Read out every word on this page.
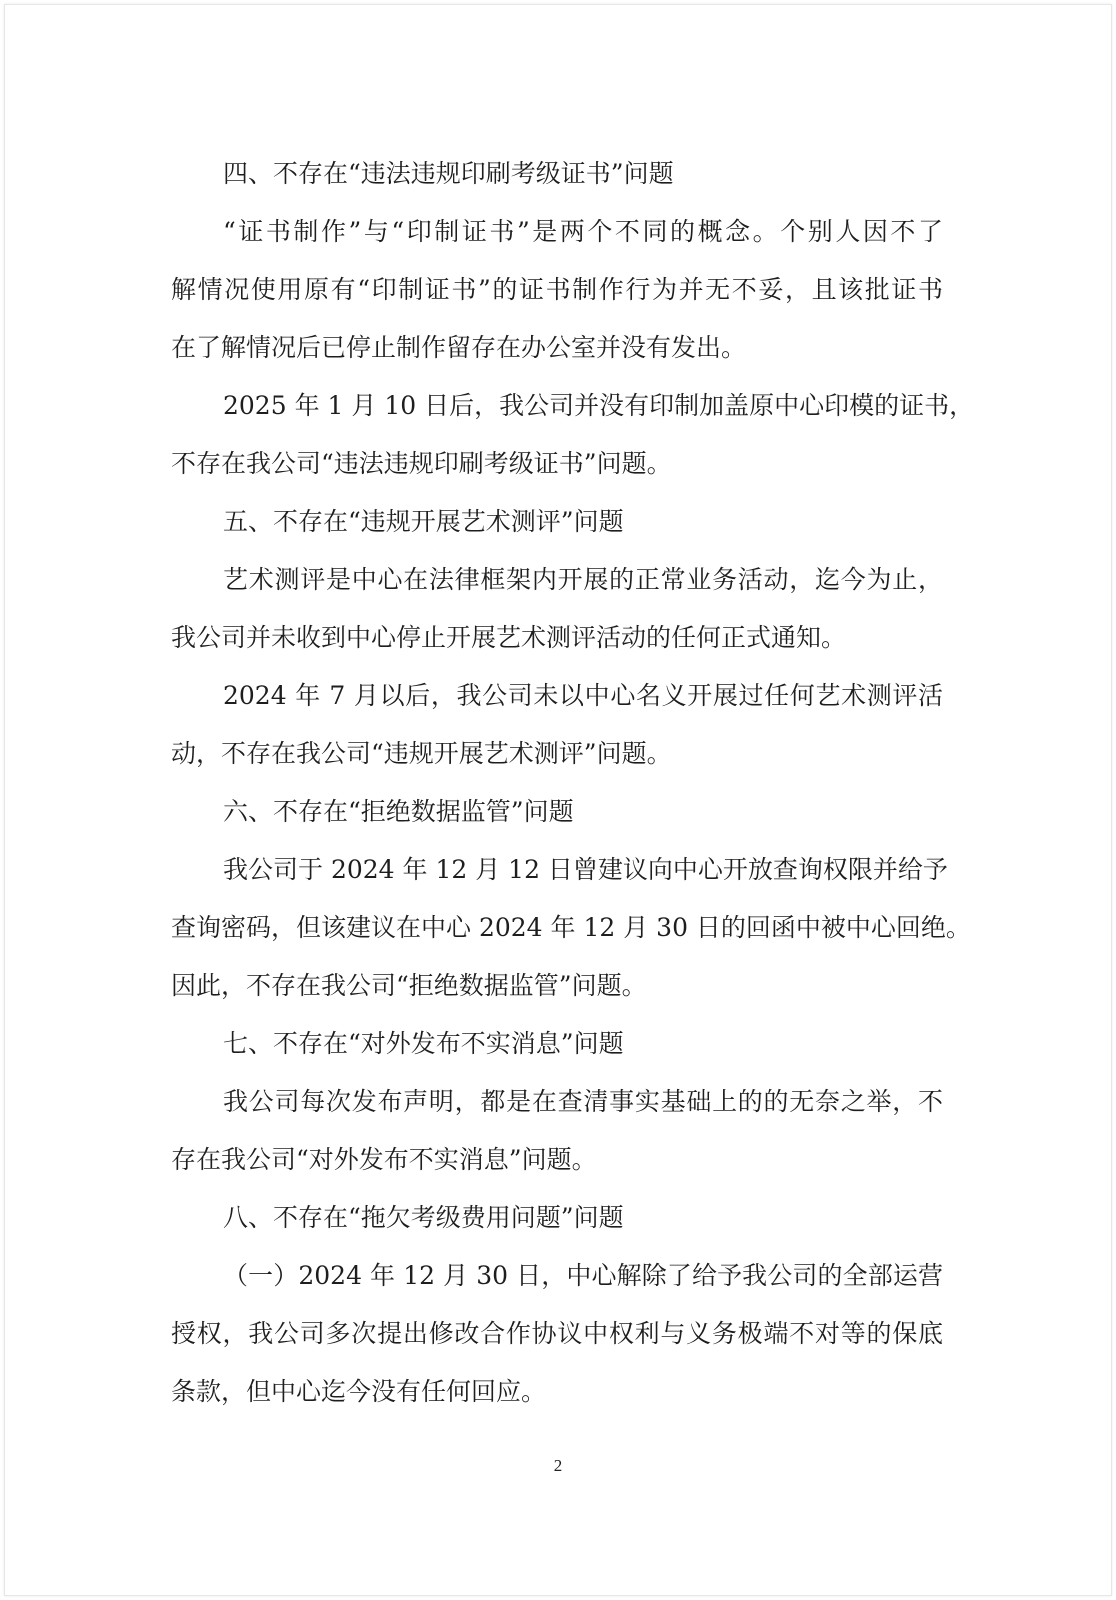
四、不存在“违法违规印刷考级证书”问题
“证书制作”与“印制证书”是两个不同的概念。个别人因不了
解情况使用原有“印制证书”的证书制作行为并无不妥，且该批证书
在了解情况后已停止制作留存在办公室并没有发出。
2025 年 1 月 10 日后，我公司并没有印制加盖原中心印模的证书，
不存在我公司“违法违规印刷考级证书”问题。
五、不存在“违规开展艺术测评”问题
艺术测评是中心在法律框架内开展的正常业务活动，迄今为止，
我公司并未收到中心停止开展艺术测评活动的任何正式通知。
2024 年 7 月以后，我公司未以中心名义开展过任何艺术测评活
动，不存在我公司“违规开展艺术测评”问题。
六、不存在“拒绝数据监管”问题
我公司于 2024 年 12 月 12 日曾建议向中心开放查询权限并给予
查询密码，但该建议在中心 2024 年 12 月 30 日的回函中被中心回绝。
因此，不存在我公司“拒绝数据监管”问题。
七、不存在“对外发布不实消息”问题
我公司每次发布声明，都是在查清事实基础上的的无奈之举，不
存在我公司“对外发布不实消息”问题。
八、不存在“拖欠考级费用问题”问题
（一）2024 年 12 月 30 日，中心解除了给予我公司的全部运营
授权，我公司多次提出修改合作协议中权利与义务极端不对等的保底
条款，但中心迄今没有任何回应。
2
